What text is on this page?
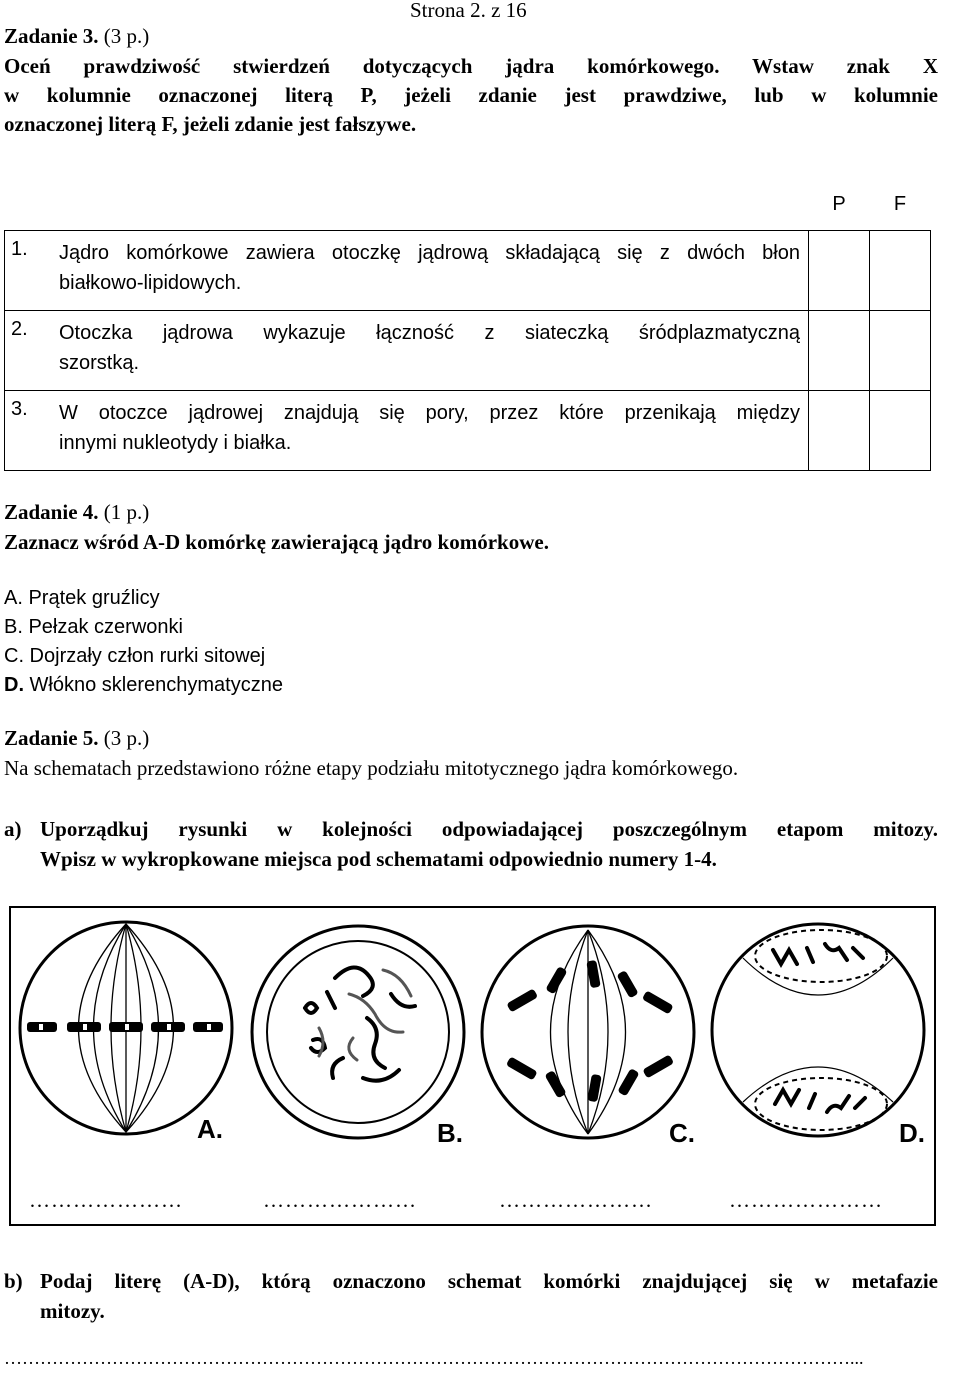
Strona 2. z 16
Zadanie 3. (3 p.)
Oceń prawdziwość stwierdzeń dotyczących jądra komórkowego. Wstaw znak X
w kolumnie oznaczonej literą P, jeżeli zdanie jest prawdziwe, lub w kolumnie
oznaczonej literą F, jeżeli zdanie jest fałszywe.
	P	F

1. Jądro komórkowe zawiera otoczkę jądrową składającą się z dwóch błon
białkowo-lipidowych.		

2. Otoczka jądrowa wykazuje łączność z siateczką śródplazmatyczną
szorstką.		

3. W otoczce jądrowej znajdują się pory, przez które przenikają między
innymi nukleotydy i białka.		

Zadanie 4. (1 p.)
Zaznacz wśród A-D komórkę zawierającą jądro komórkowe.
A. Prątek gruźlicy
B. Pełzak czerwonki
C. Dojrzały człon rurki sitowej
D. Włókno sklerenchymatyczne
Zadanie 5. (3 p.)
Na schematach przedstawiono różne etapy podziału mitotycznego jądra komórkowego.
a) Uporządkuj rysunki w kolejności odpowiadającej poszczególnym etapom mitozy.
Wpisz w wykropkowane miejsca pod schematami odpowiednio numery 1-4.
A.
…………………
B.
…………………
C.
…………………
D.
…………………
b) Podaj literę (A-D), którą oznaczono schemat komórki znajdującej się w metafazie
mitozy.
……………………………………………………………………………………………………………………………...
